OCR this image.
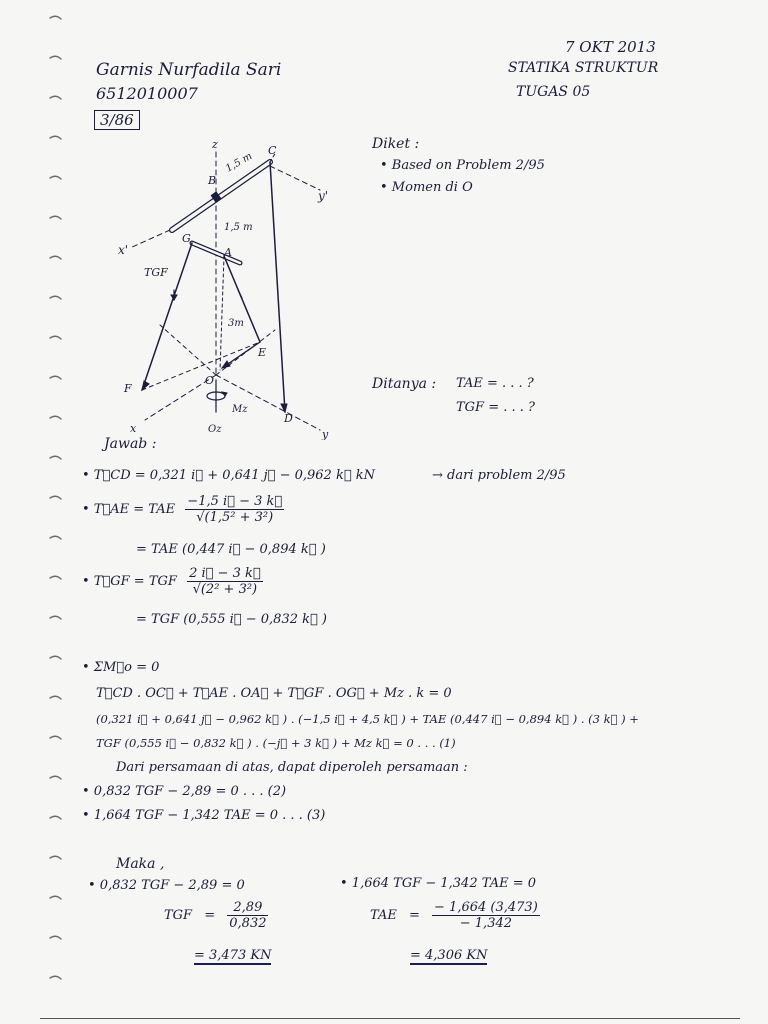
7 OKT 2013
Garnis Nurfadila Sari
6512010007
3/86
STATIKA STRUKTUR
TUGAS 05
z	C
B
1,5 m
y'
x'
G
A
1,5 m
TGF
3m
E
F
O
Mz
D
x	Oz	y
Diket :
• Based on Problem 2/95
• Momen di O
Ditanya : TAE = . . . ?
TGF = . . . ?
Jawab :
• T⃗CD = 0,321 i⃗ + 0,641 j⃗ − 0,962 k⃗ kN	→ dari problem 2/95
• T⃗AE = TAE $\frac{-1,5 i⃗ - 3 k⃗}{\text{√(1,5² + 3²)}}$
= TAE (0,447 i⃗ − 0,894 k⃗ )
• T⃗GF = TGF $\frac{2 i⃗ - 3 k⃗}{\text{√(2² + 3²)}}$
= TGF (0,555 i⃗ − 0,832 k⃗ )
• ΣM⃗o = 0
T⃗CD . OC⃗ + T⃗AE . OA⃗ + T⃗GF . OG⃗ + Mz . k = 0
(0,321 i⃗ + 0,641 j⃗ − 0,962 k⃗ ) . (−1,5 i⃗ + 4,5 k⃗ ) + TAE (0,447 i⃗ − 0,894 k⃗ ) . (3 k⃗ ) +
TGF (0,555 i⃗ − 0,832 k⃗ ) . (−j⃗ + 3 k⃗ ) + Mz k⃗ = 0 . . . (1)
Dari persamaan di atas, dapat diperoleh persamaan :
• 0,832 TGF − 2,89 = 0 . . . (2)
• 1,664 TGF − 1,342 TAE = 0 . . . (3)
Maka ,
• 0,832 TGF − 2,89 = 0
TGF = $\frac{2,89}{0,832}$
= 3,473 KN
• 1,664 TGF − 1,342 TAE = 0
TAE = $\frac{- 1,664 (3,473)}{- 1,342}$
= 4,306 KN
